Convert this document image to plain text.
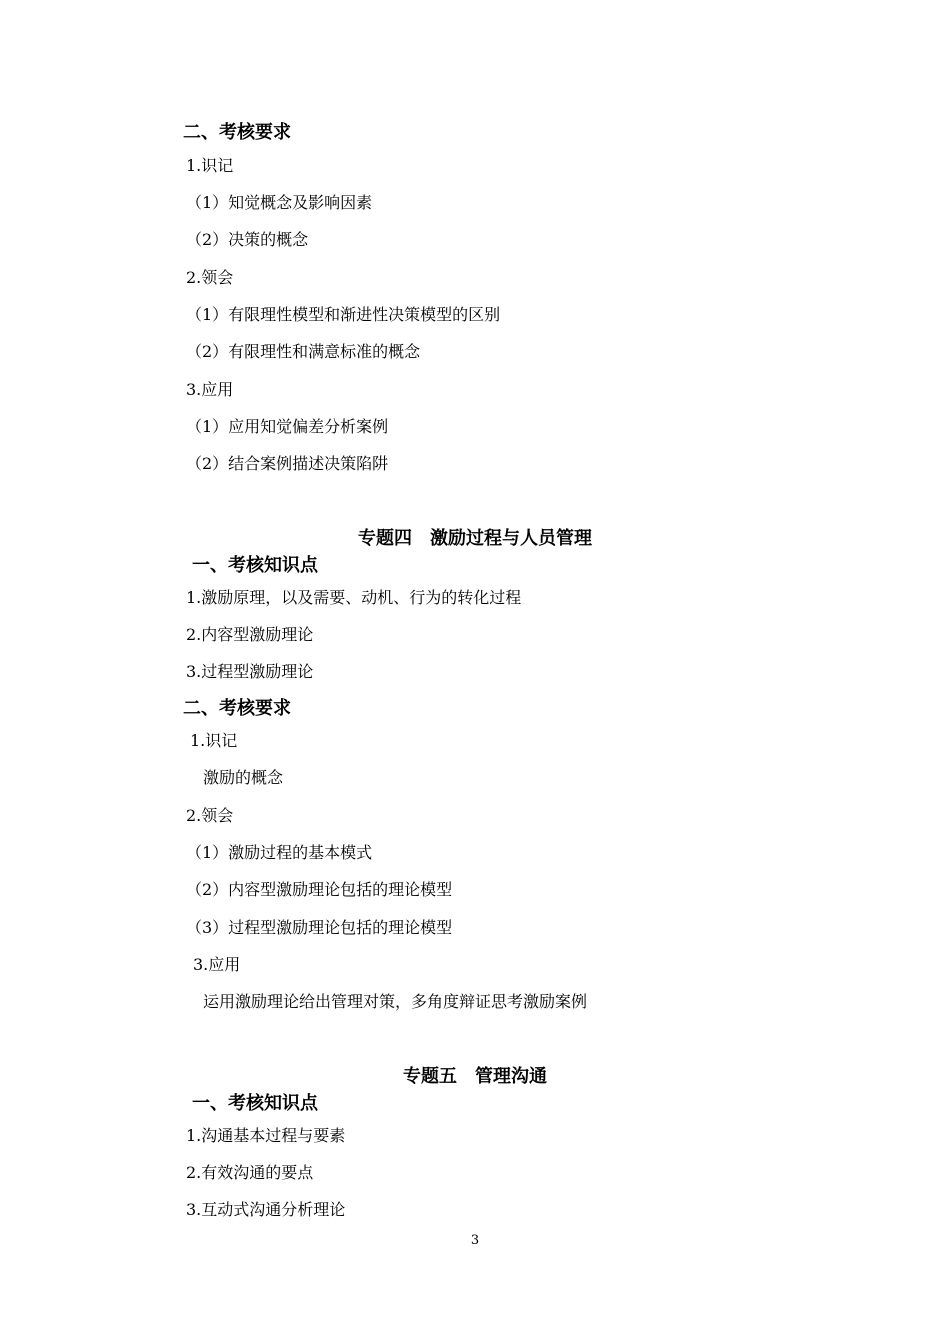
二、考核要求
1.识记
（1）知觉概念及影响因素
（2）决策的概念
2.领会
（1）有限理性模型和渐进性决策模型的区别
（2）有限理性和满意标准的概念
3.应用
（1）应用知觉偏差分析案例
（2）结合案例描述决策陷阱
专题四　激励过程与人员管理
一、考核知识点
1.激励原理，以及需要、动机、行为的转化过程
2.内容型激励理论
3.过程型激励理论
二、考核要求
1.识记
激励的概念
2.领会
（1）激励过程的基本模式
（2）内容型激励理论包括的理论模型
（3）过程型激励理论包括的理论模型
3.应用
运用激励理论给出管理对策，多角度辩证思考激励案例
专题五　管理沟通
一、考核知识点
1.沟通基本过程与要素
2.有效沟通的要点
3.互动式沟通分析理论
3
